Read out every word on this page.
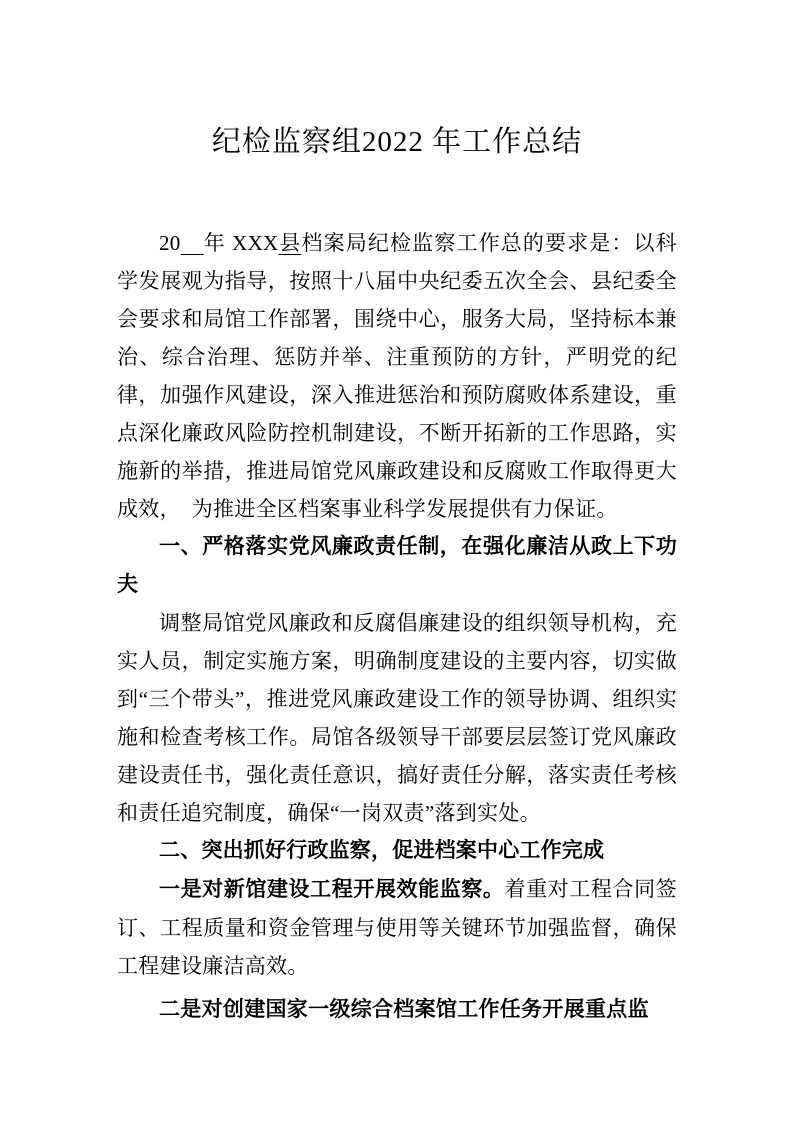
纪检监察组2022 年工作总结
20　 年 XXX县档案局纪检监察工作总的要求是：以科学发展观为指导，按照十八届中央纪委五次全会、县纪委全会要求和局馆工作部署，围绕中心，服务大局，坚持标本兼治、综合治理、惩防并举、注重预防的方针，严明党的纪律，加强作风建设，深入推进惩治和预防腐败体系建设，重点深化廉政风险防控机制建设，不断开拓新的工作思路，实施新的举措，推进局馆党风廉政建设和反腐败工作取得更大成效，　为推进全区档案事业科学发展提供有力保证。
一、严格落实党风廉政责任制，在强化廉洁从政上下功夫
调整局馆党风廉政和反腐倡廉建设的组织领导机构，充实人员，制定实施方案，明确制度建设的主要内容，切实做到“三个带头”，推进党风廉政建设工作的领导协调、组织实施和检查考核工作。局馆各级领导干部要层层签订党风廉政建设责任书，强化责任意识，搞好责任分解，落实责任考核和责任追究制度，确保“一岗双责”落到实处。
二、突出抓好行政监察，促进档案中心工作完成
一是对新馆建设工程开展效能监察。着重对工程合同签订、工程质量和资金管理与使用等关键环节加强监督，确保工程建设廉洁高效。
二是对创建国家一级综合档案馆工作任务开展重点监
